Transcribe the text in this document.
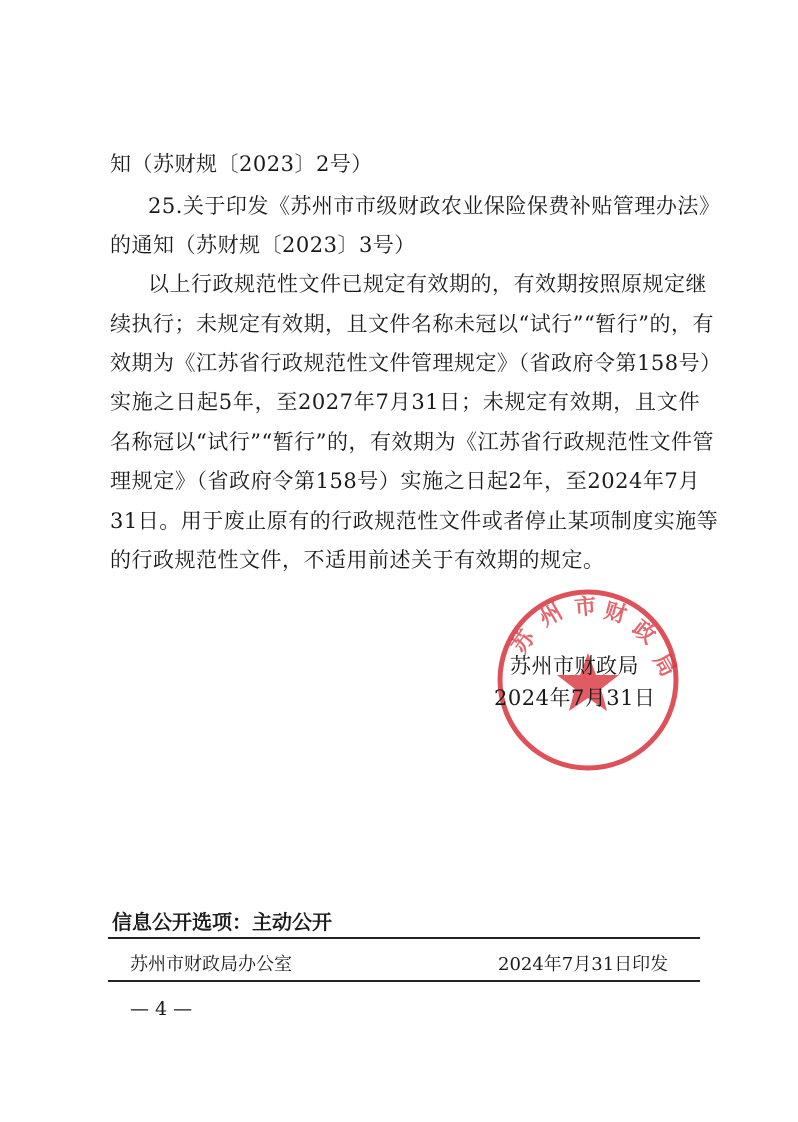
知（苏财规〔2023〕2号）
25.关于印发《苏州市市级财政农业保险保费补贴管理办法》
的通知（苏财规〔2023〕3号）
以上行政规范性文件已规定有效期的，有效期按照原规定继
续执行；未规定有效期，且文件名称未冠以“试行”“暂行”的，有
效期为《江苏省行政规范性文件管理规定》（省政府令第158号）
实施之日起5年，至2027年7月31日；未规定有效期，且文件
名称冠以“试行”“暂行”的，有效期为《江苏省行政规范性文件管
理规定》（省政府令第158号）实施之日起2年，至2024年7月
31日。用于废止原有的行政规范性文件或者停止某项制度实施等
的行政规范性文件，不适用前述关于有效期的规定。
苏
州 市 财
政
局
苏州市财政局
2024年7月31日
信息公开选项：主动公开
苏州市财政局办公室	2024年7月31日印发
— 4 —
